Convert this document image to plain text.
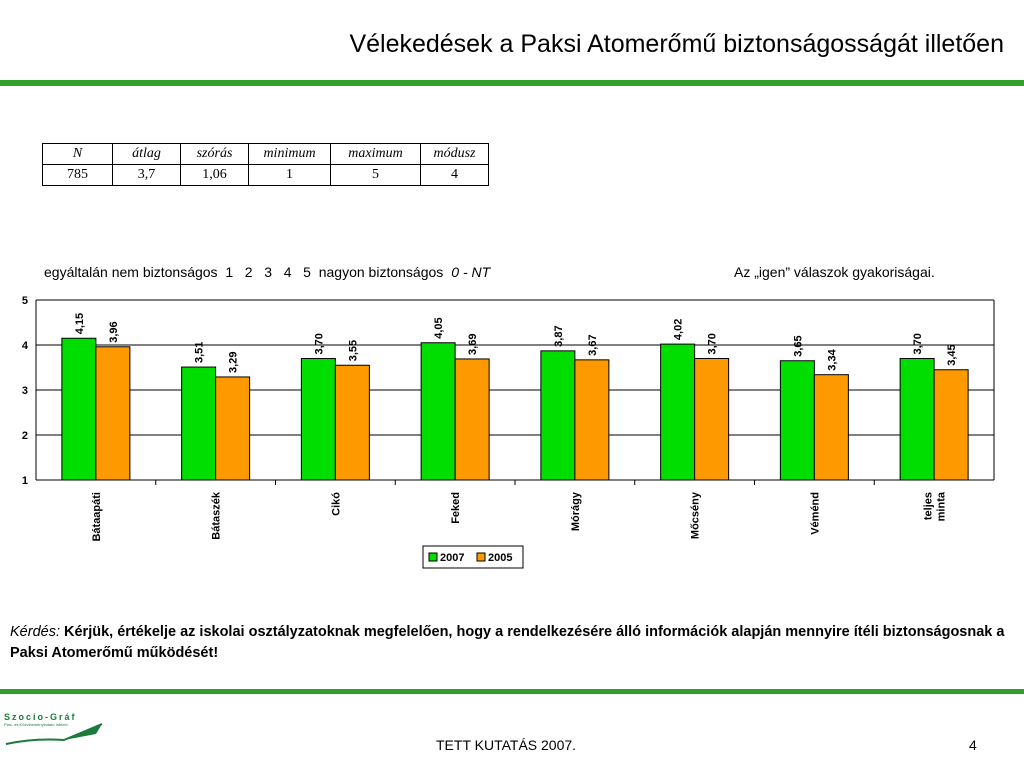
Vélekedések a Paksi Atomerőmű biztonságosságát illetően
N	átlag	szórás	minimum	maximum	módusz
785	3,7	1,06	1	5	4
egyáltalán nem biztonságos  1   2   3   4   5  nagyon biztonságos 0 - NT	Az „igen” válaszok gyakoriságai.
1
2
3
4
5
4,15 3,96
Bátaapáti
3,51 3,29
Bátaszék
3,70 3,55
Cikó
4,05
3,69
Feked
3,87 3,67
Mórágy
4,02
3,70
Mőcsény
3,65
3,34
Véménd
3,70
3,45
teljes minta
2007 2005
Kérdés: Kérjük, értékelje az iskolai osztályzatoknak megfelelően, hogy a rendelkezésére álló információk alapján mennyire ítéli biztonságosnak a Paksi Atomerőmű működését!
Szocio-Gráf
Piac- és Közvéleménykutató Intézet
TETT KUTATÁS 2007.	4
